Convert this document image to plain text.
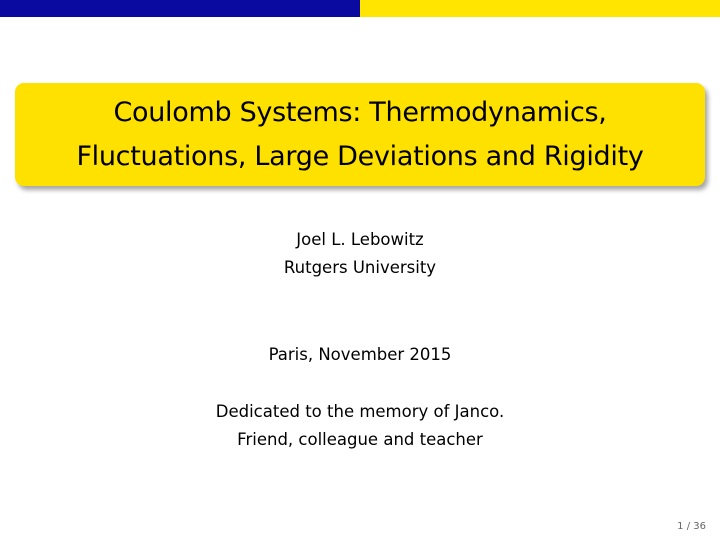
Coulomb Systems: Thermodynamics,
Fluctuations, Large Deviations and Rigidity
Joel L. Lebowitz
Rutgers University
Paris, November 2015
Dedicated to the memory of Janco.
Friend, colleague and teacher
1 / 36
